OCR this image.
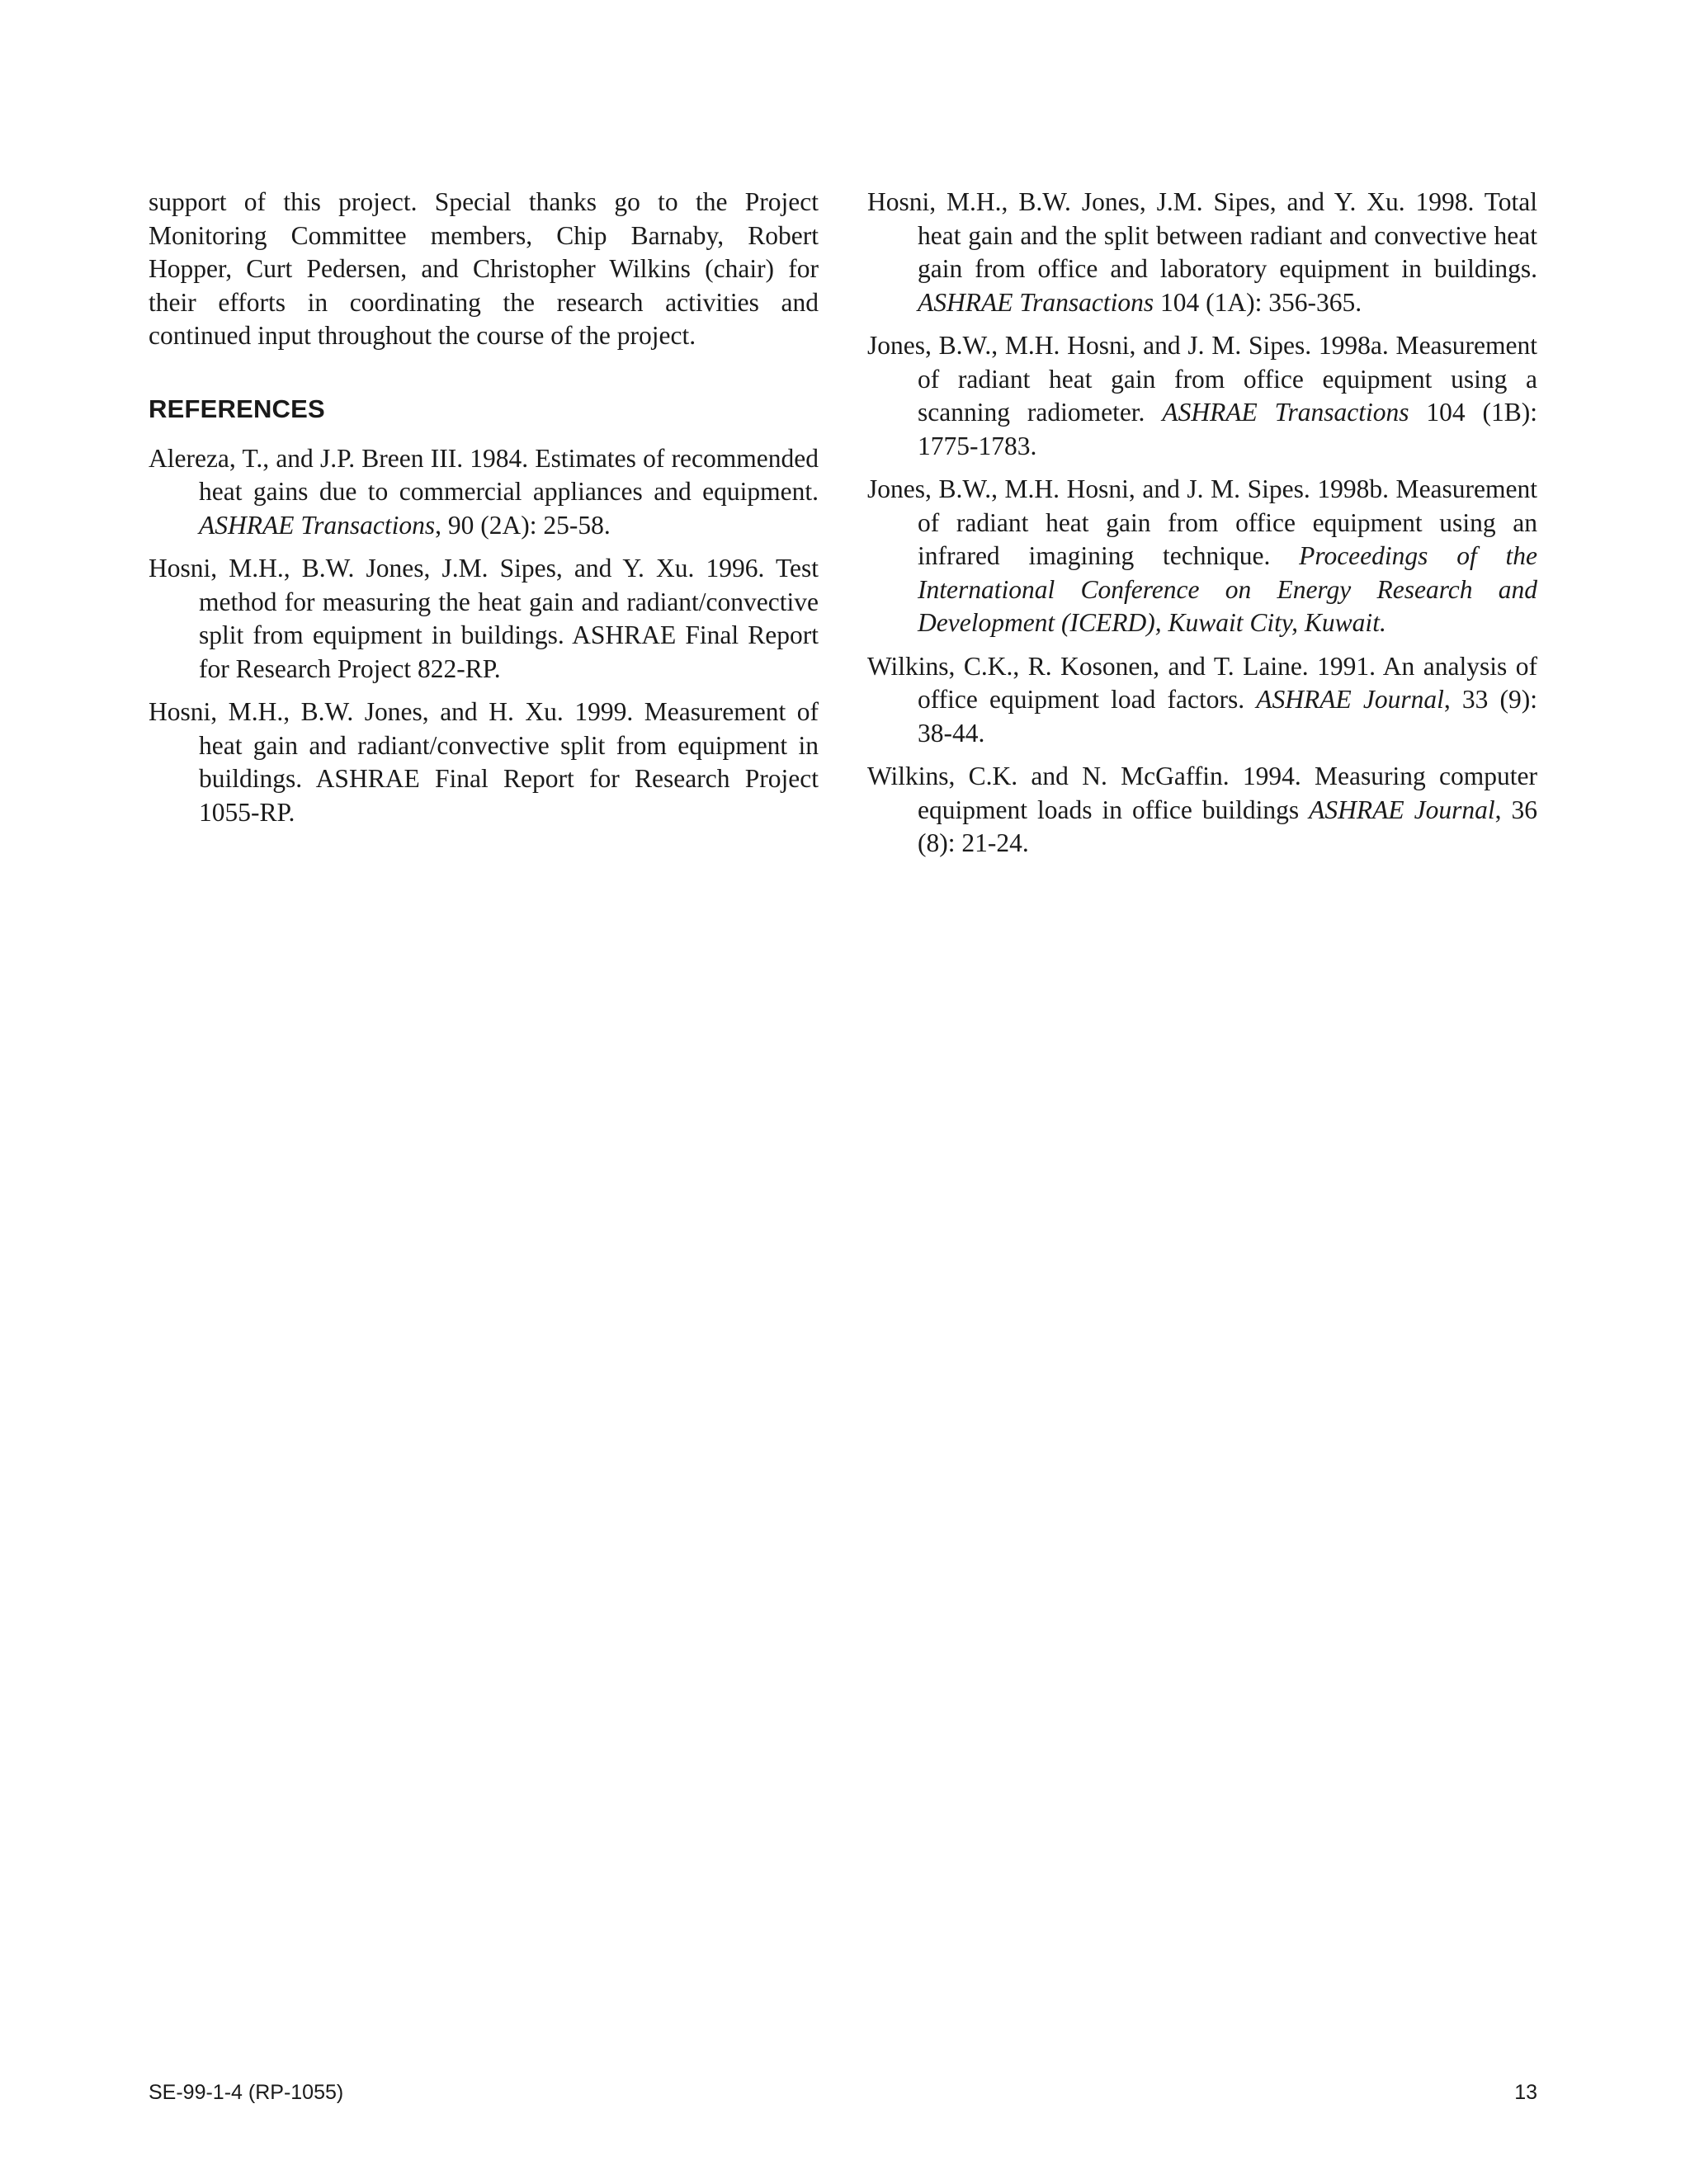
support of this project. Special thanks go to the Project Monitoring Committee members, Chip Barnaby, Robert Hopper, Curt Pedersen, and Christopher Wilkins (chair) for their efforts in coordinating the research activities and continued input throughout the course of the project.

REFERENCES

Alereza, T., and J.P. Breen III. 1984. Estimates of recommended heat gains due to commercial appliances and equipment. ASHRAE Transactions, 90 (2A): 25-58.

Hosni, M.H., B.W. Jones, J.M. Sipes, and Y. Xu. 1996. Test method for measuring the heat gain and radiant/convective split from equipment in buildings. ASHRAE Final Report for Research Project 822-RP.

Hosni, M.H., B.W. Jones, and H. Xu. 1999. Measurement of heat gain and radiant/convective split from equipment in buildings. ASHRAE Final Report for Research Project 1055-RP.

Hosni, M.H., B.W. Jones, J.M. Sipes, and Y. Xu. 1998. Total heat gain and the split between radiant and convective heat gain from office and laboratory equipment in buildings. ASHRAE Transactions 104 (1A): 356-365.

Jones, B.W., M.H. Hosni, and J. M. Sipes. 1998a. Measurement of radiant heat gain from office equipment using a scanning radiometer. ASHRAE Transactions 104 (1B): 1775-1783.

Jones, B.W., M.H. Hosni, and J. M. Sipes. 1998b. Measurement of radiant heat gain from office equipment using an infrared imagining technique. Proceedings of the International Conference on Energy Research and Development (ICERD), Kuwait City, Kuwait.

Wilkins, C.K., R. Kosonen, and T. Laine. 1991. An analysis of office equipment load factors. ASHRAE Journal, 33 (9): 38-44.

Wilkins, C.K. and N. McGaffin. 1994. Measuring computer equipment loads in office buildings ASHRAE Journal, 36 (8): 21-24.

SE-99-1-4 (RP-1055)	13
